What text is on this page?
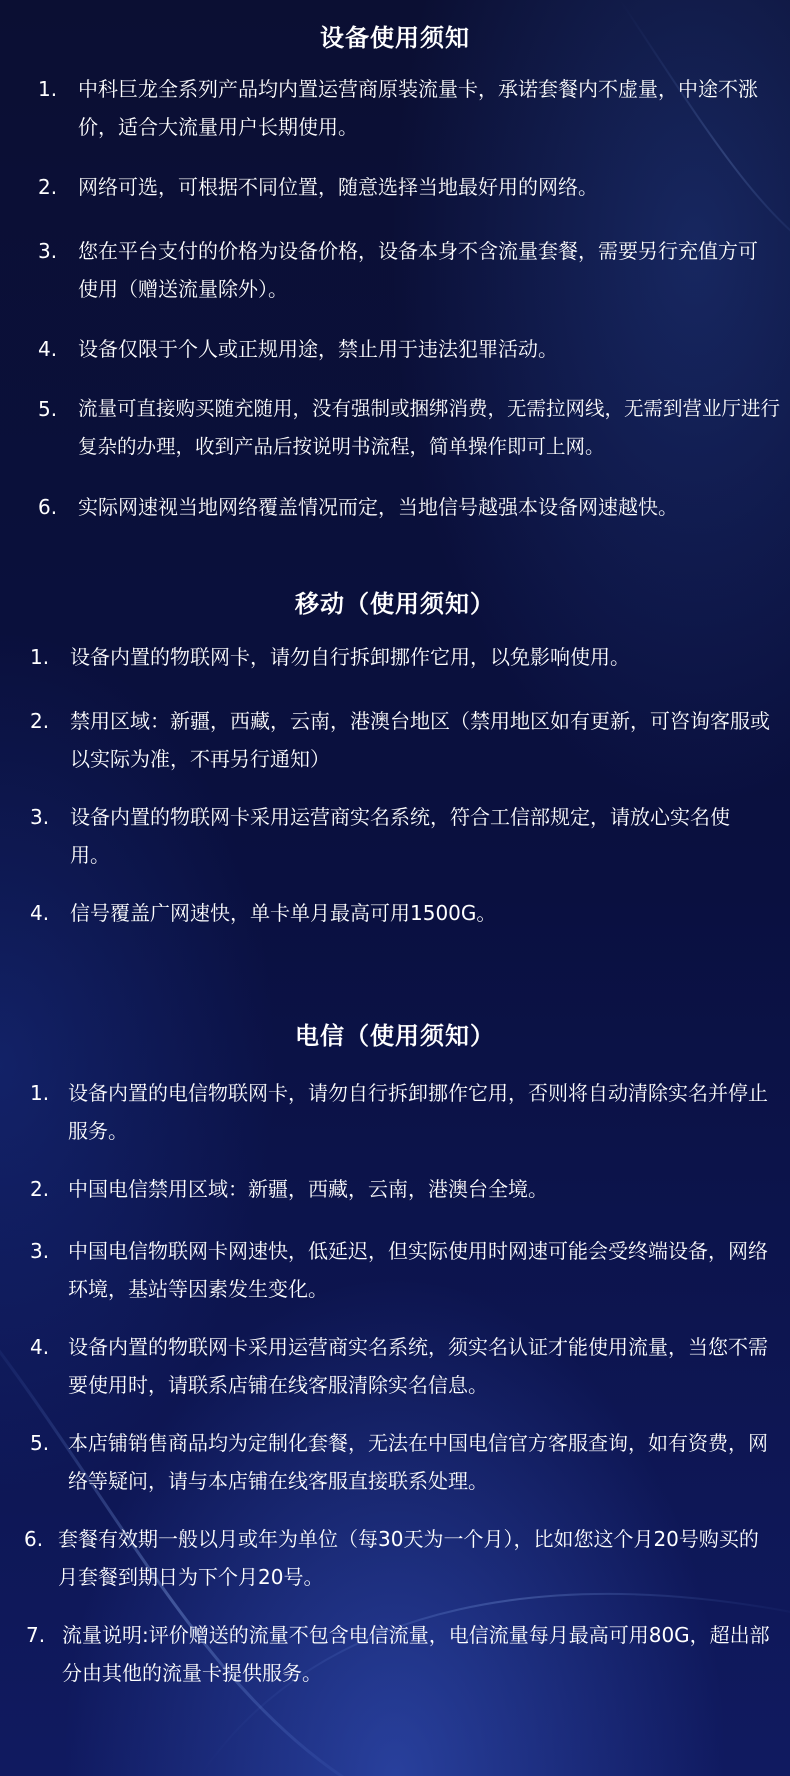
设备使用须知
1.	中科巨龙全系列产品均内置运营商原装流量卡，承诺套餐内不虚量，中途不涨价，适合大流量用户长期使用。
2.	网络可选，可根据不同位置，随意选择当地最好用的网络。
3.	您在平台支付的价格为设备价格，设备本身不含流量套餐，需要另行充值方可使用（赠送流量除外）。
4.	设备仅限于个人或正规用途，禁止用于违法犯罪活动。
5.	流量可直接购买随充随用，没有强制或捆绑消费，无需拉网线，无需到营业厅进行复杂的办理，收到产品后按说明书流程，简单操作即可上网。
6.	实际网速视当地网络覆盖情况而定，当地信号越强本设备网速越快。
移动（使用须知）
1.	设备内置的物联网卡，请勿自行拆卸挪作它用，以免影响使用。
2.	禁用区域：新疆，西藏，云南，港澳台地区（禁用地区如有更新，可咨询客服或以实际为准，不再另行通知）
3.	设备内置的物联网卡采用运营商实名系统，符合工信部规定，请放心实名使用。
4.	信号覆盖广网速快，单卡单月最高可用1500G。
电信（使用须知）
1. 设备内置的电信物联网卡，请勿自行拆卸挪作它用，否则将自动清除实名并停止服务。
2. 中国电信禁用区域：新疆，西藏，云南，港澳台全境。
3. 中国电信物联网卡网速快，低延迟，但实际使用时网速可能会受终端设备，网络环境，基站等因素发生变化。
4. 设备内置的物联网卡采用运营商实名系统，须实名认证才能使用流量，当您不需要使用时，请联系店铺在线客服清除实名信息。
5. 本店铺销售商品均为定制化套餐，无法在中国电信官方客服查询，如有资费，网络等疑问，请与本店铺在线客服直接联系处理。
6. 套餐有效期一般以月或年为单位（每30天为一个月），比如您这个月20号购买的月套餐到期日为下个月20号。
7. 流量说明:评价赠送的流量不包含电信流量，电信流量每月最高可用80G，超出部分由其他的流量卡提供服务。
